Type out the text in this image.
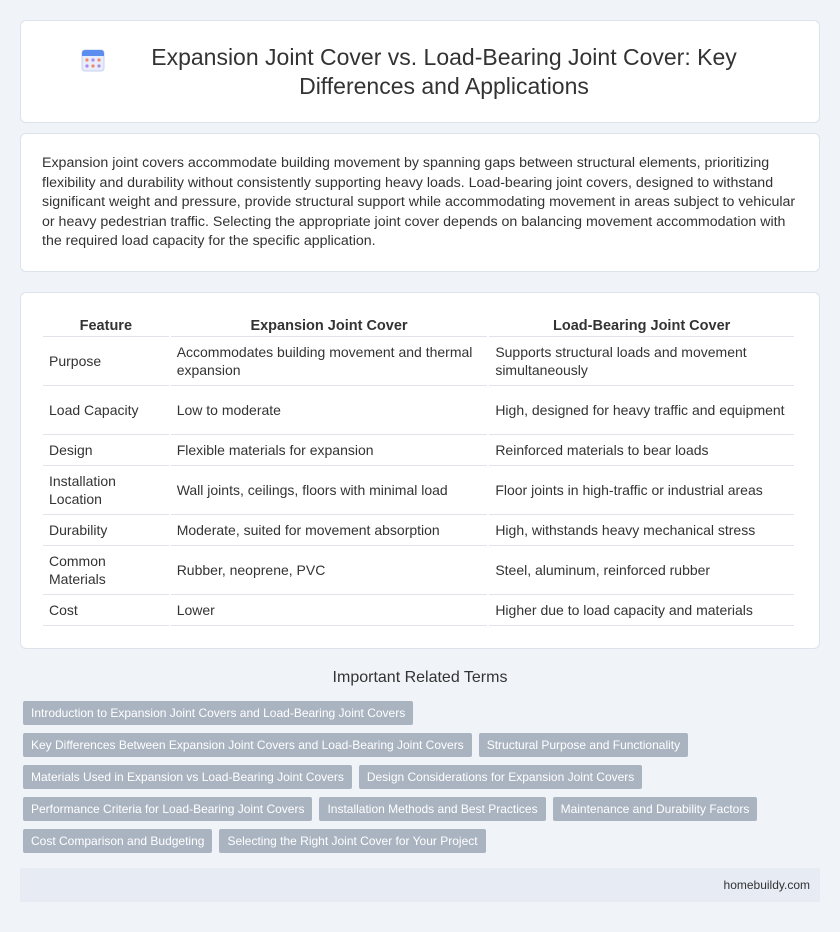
Expansion Joint Cover vs. Load-Bearing Joint Cover: Key Differences and Applications

Expansion joint covers accommodate building movement by spanning gaps between structural elements, prioritizing flexibility and durability without consistently supporting heavy loads. Load-bearing joint covers, designed to withstand significant weight and pressure, provide structural support while accommodating movement in areas subject to vehicular or heavy pedestrian traffic. Selecting the appropriate joint cover depends on balancing movement accommodation with the required load capacity for the specific application.

Feature	Expansion Joint Cover	Load-Bearing Joint Cover
Purpose	Accommodates building movement and thermal expansion	Supports structural loads and movement simultaneously
Load Capacity	Low to moderate	High, designed for heavy traffic and equipment
Design	Flexible materials for expansion	Reinforced materials to bear loads
Installation Location	Wall joints, ceilings, floors with minimal load	Floor joints in high-traffic or industrial areas
Durability	Moderate, suited for movement absorption	High, withstands heavy mechanical stress
Common Materials	Rubber, neoprene, PVC	Steel, aluminum, reinforced rubber
Cost	Lower	Higher due to load capacity and materials
Important Related Terms
Introduction to Expansion Joint Covers and Load-Bearing Joint Covers
Key Differences Between Expansion Joint Covers and Load-Bearing Joint Covers	Structural Purpose and Functionality
Materials Used in Expansion vs Load-Bearing Joint Covers	Design Considerations for Expansion Joint Covers
Performance Criteria for Load-Bearing Joint Covers	Installation Methods and Best Practices	Maintenance and Durability Factors
Cost Comparison and Budgeting	Selecting the Right Joint Cover for Your Project
homebuildy.com
